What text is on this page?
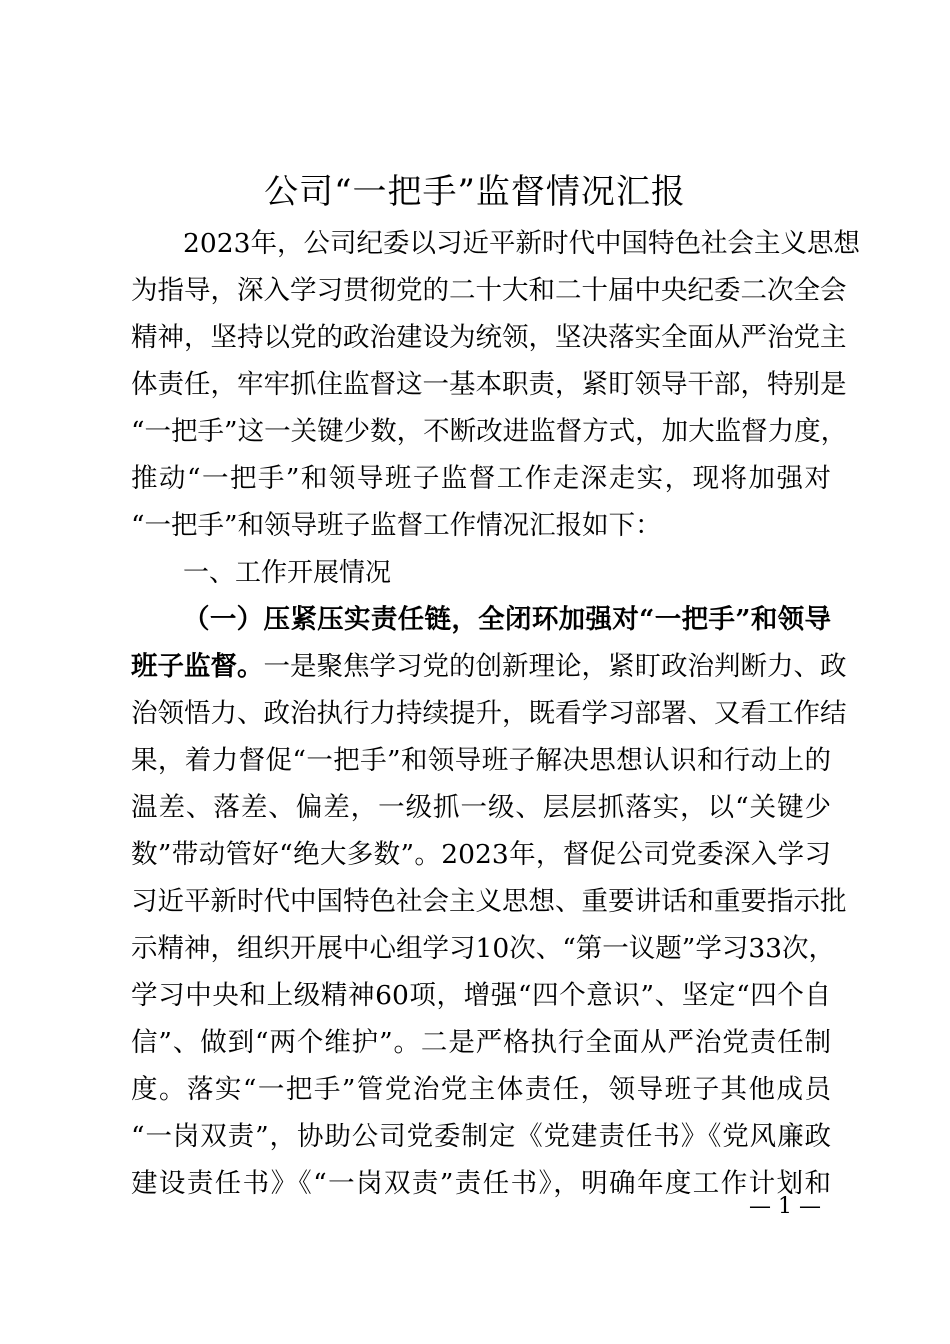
公司“一把手”监督情况汇报

2023年，公司纪委以习近平新时代中国特色社会主义思想

为指导，深入学习贯彻党的二十大和二十届中央纪委二次全会

精神，坚持以党的政治建设为统领，坚决落实全面从严治党主

体责任，牢牢抓住监督这一基本职责，紧盯领导干部，特别是

“一把手”这一关键少数，不断改进监督方式，加大监督力度，

推动“一把手”和领导班子监督工作走深走实，现将加强对

“一把手”和领导班子监督工作情况汇报如下：

一、工作开展情况

（一）压紧压实责任链，全闭环加强对“一把手”和领导

班子监督。一是聚焦学习党的创新理论，紧盯政治判断力、政

治领悟力、政治执行力持续提升，既看学习部署、又看工作结

果，着力督促“一把手”和领导班子解决思想认识和行动上的

温差、落差、偏差，一级抓一级、层层抓落实，以“关键少

数”带动管好“绝大多数”。2023年，督促公司党委深入学习

习近平新时代中国特色社会主义思想、重要讲话和重要指示批

示精神，组织开展中心组学习10次、“第一议题”学习33次，

学习中央和上级精神60项，增强“四个意识”、坚定“四个自

信”、做到“两个维护”。二是严格执行全面从严治党责任制

度。落实“一把手”管党治党主体责任，领导班子其他成员

“一岗双责”，协助公司党委制定《党建责任书》《党风廉政

建设责任书》《“一岗双责”责任书》，明确年度工作计划和

— 1 —
